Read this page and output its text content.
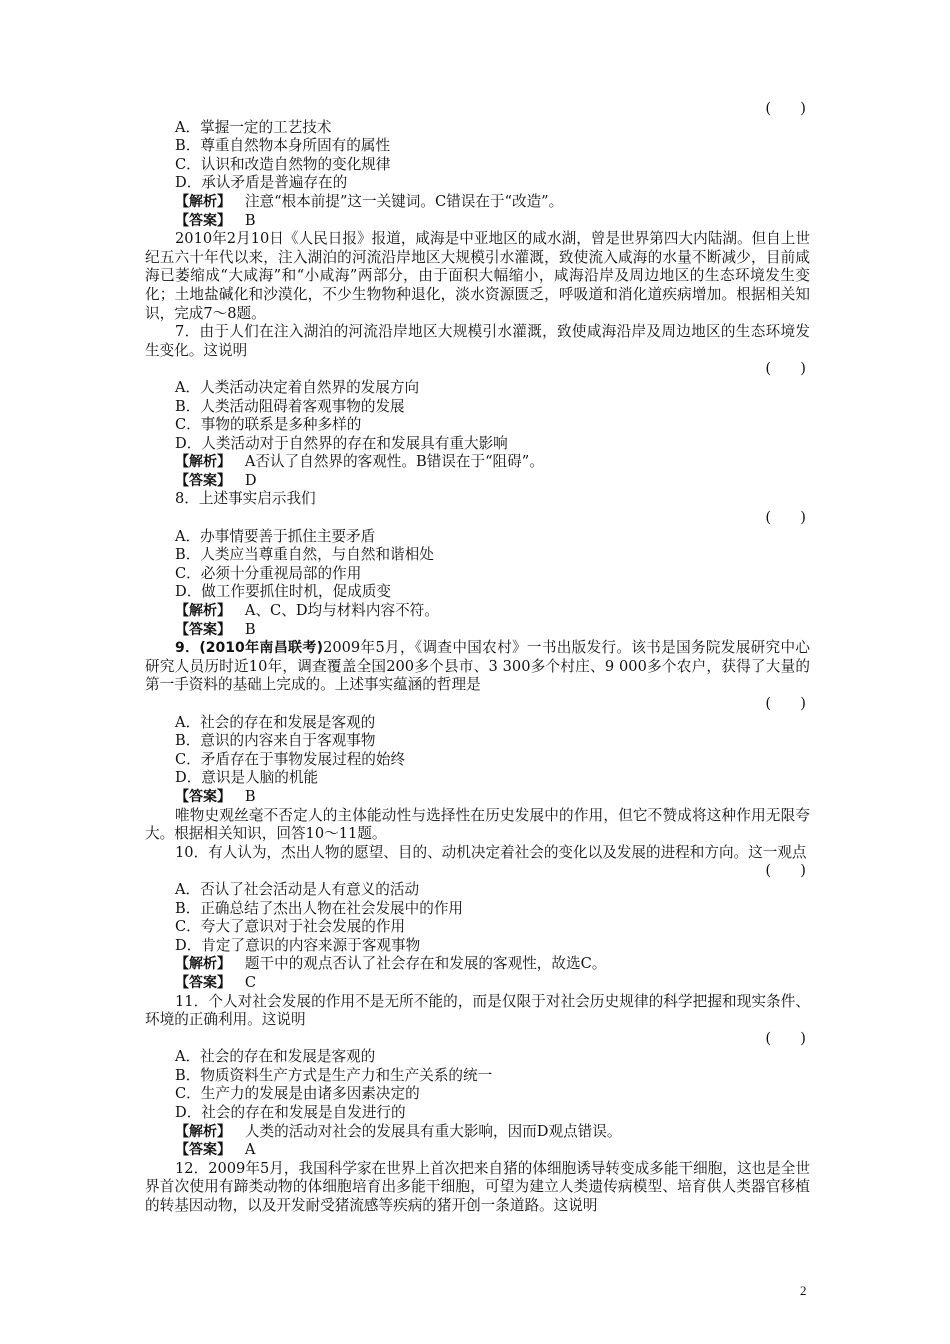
(　　)
A．掌握一定的工艺技术
B．尊重自然物本身所固有的属性
C．认识和改造自然物的变化规律
D．承认矛盾是普遍存在的
【解析】 注意“根本前提”这一关键词。C错误在于“改造”。
【答案】 B
2010年2月10日《人民日报》报道，咸海是中亚地区的咸水湖，曾是世界第四大内陆湖。但自上世纪五六十年代以来，注入湖泊的河流沿岸地区大规模引水灌溉，致使流入咸海的水量不断减少，目前咸海已萎缩成“大咸海”和“小咸海”两部分，由于面积大幅缩小，咸海沿岸及周边地区的生态环境发生变化；土地盐碱化和沙漠化，不少生物物种退化，淡水资源匮乏，呼吸道和消化道疾病增加。根据相关知识，完成7～8题。
7．由于人们在注入湖泊的河流沿岸地区大规模引水灌溉，致使咸海沿岸及周边地区的生态环境发生变化。这说明
(　　)
A．人类活动决定着自然界的发展方向
B．人类活动阻碍着客观事物的发展
C．事物的联系是多种多样的
D．人类活动对于自然界的存在和发展具有重大影响
【解析】 A否认了自然界的客观性。B错误在于“阻碍”。
【答案】 D
8．上述事实启示我们
(　　)
A．办事情要善于抓住主要矛盾
B．人类应当尊重自然，与自然和谐相处
C．必须十分重视局部的作用
D．做工作要抓住时机，促成质变
【解析】 A、C、D均与材料内容不符。
【答案】 B
9．(2010年南昌联考)2009年5月，《调查中国农村》一书出版发行。该书是国务院发展研究中心研究人员历时近10年，调查覆盖全国200多个县市、3 300多个村庄、9 000多个农户，获得了大量的第一手资料的基础上完成的。上述事实蕴涵的哲理是
(　　)
A．社会的存在和发展是客观的
B．意识的内容来自于客观事物
C．矛盾存在于事物发展过程的始终
D．意识是人脑的机能
【答案】 B
唯物史观丝毫不否定人的主体能动性与选择性在历史发展中的作用，但它不赞成将这种作用无限夸大。根据相关知识，回答10～11题。
10．有人认为，杰出人物的愿望、目的、动机决定着社会的变化以及发展的进程和方向。这一观点
(　　)
A．否认了社会活动是人有意义的活动
B．正确总结了杰出人物在社会发展中的作用
C．夸大了意识对于社会发展的作用
D．肯定了意识的内容来源于客观事物
【解析】 题干中的观点否认了社会存在和发展的客观性，故选C。
【答案】 C
11．个人对社会发展的作用不是无所不能的，而是仅限于对社会历史规律的科学把握和现实条件、环境的正确利用。这说明
(　　)
A．社会的存在和发展是客观的
B．物质资料生产方式是生产力和生产关系的统一
C．生产力的发展是由诸多因素决定的
D．社会的存在和发展是自发进行的
【解析】 人类的活动对社会的发展具有重大影响，因而D观点错误。
【答案】 A
12．2009年5月，我国科学家在世界上首次把来自猪的体细胞诱导转变成多能干细胞，这也是全世界首次使用有蹄类动物的体细胞培育出多能干细胞，可望为建立人类遗传病模型、培育供人类器官移植的转基因动物，以及开发耐受猪流感等疾病的猪开创一条道路。这说明
2
